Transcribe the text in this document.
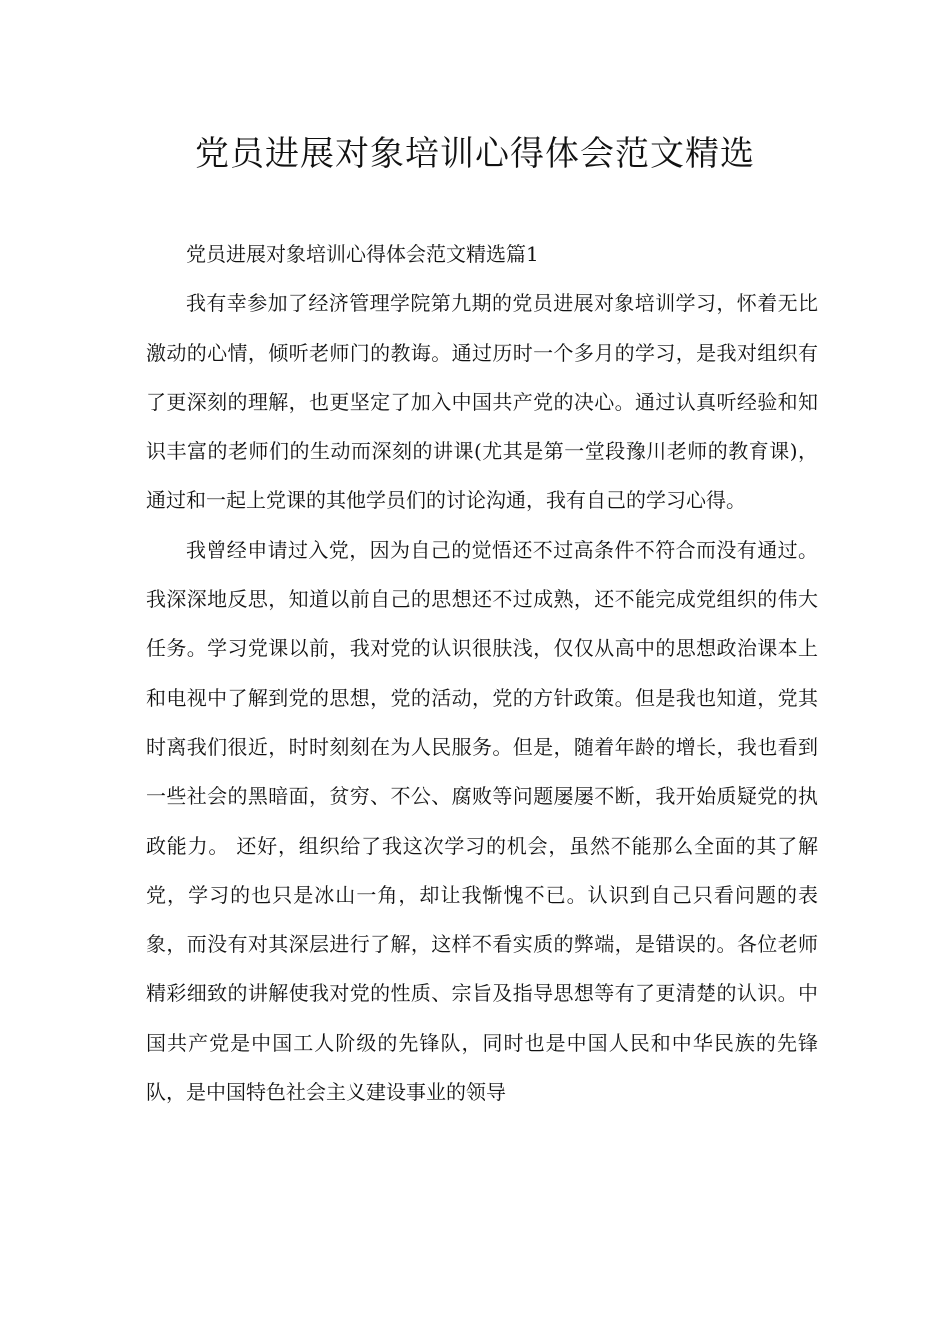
党员进展对象培训心得体会范文精选

党员进展对象培训心得体会范文精选篇1

我有幸参加了经济管理学院第九期的党员进展对象培训学习，怀着无比激动的心情，倾听老师门的教诲。通过历时一个多月的学习，是我对组织有了更深刻的理解，也更坚定了加入中国共产党的决心。通过认真听经验和知识丰富的老师们的生动而深刻的讲课(尤其是第一堂段豫川老师的教育课)，通过和一起上党课的其他学员们的讨论沟通，我有自己的学习心得。

我曾经申请过入党，因为自己的觉悟还不过高条件不符合而没有通过。我深深地反思，知道以前自己的思想还不过成熟，还不能完成党组织的伟大任务。学习党课以前，我对党的认识很肤浅，仅仅从高中的思想政治课本上和电视中了解到党的思想，党的活动，党的方针政策。但是我也知道，党其时离我们很近，时时刻刻在为人民服务。但是，随着年龄的增长，我也看到一些社会的黑暗面，贫穷、不公、腐败等问题屡屡不断，我开始质疑党的执政能力。 还好，组织给了我这次学习的机会，虽然不能那么全面的其了解党，学习的也只是冰山一角，却让我惭愧不已。认识到自己只看问题的表象，而没有对其深层进行了解，这样不看实质的弊端，是错误的。各位老师精彩细致的讲解使我对党的性质、宗旨及指导思想等有了更清楚的认识。中国共产党是中国工人阶级的先锋队，同时也是中国人民和中华民族的先锋队，是中国特色社会主义建设事业的领导
